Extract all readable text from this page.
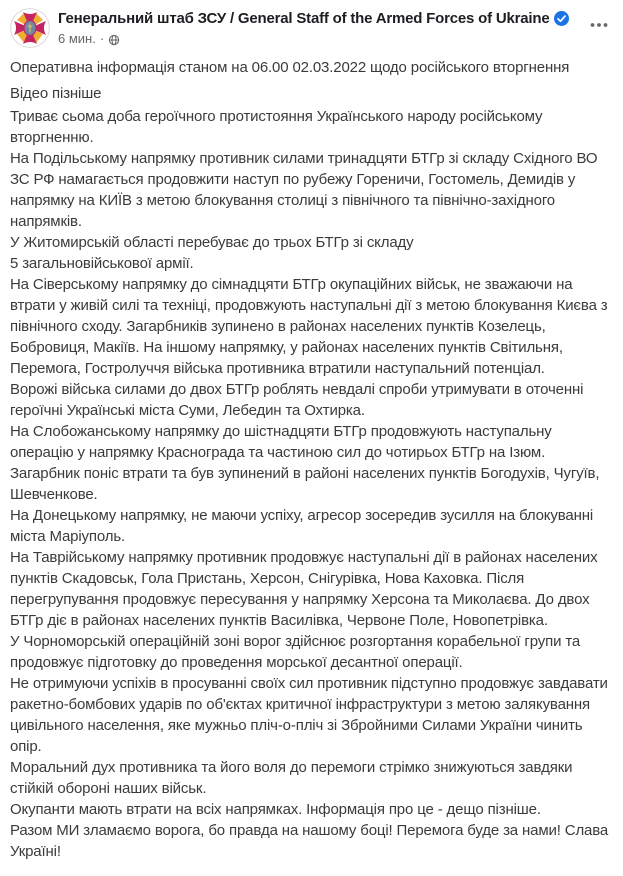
Генеральний штаб ЗСУ / General Staff of the Armed Forces of Ukraine
6 мин. ·
Оперативна інформація станом на 06.00 02.03.2022 щодо російського вторгнення
Відео пізніше
Триває сьома доба героїчного протистояння Українського народу російському вторгненню.
На Подільському напрямку противник силами тринадцяти БТГр зі складу Східного ВО ЗС РФ намагається продовжити наступ по рубежу Гореничи, Гостомель, Демидів у напрямку на КИЇВ з метою блокування столиці з північного та північно-західного напрямків.
У Житомирській області перебуває до трьох БТГр зі складу
5 загальновійськової армії.
На Сіверському напрямку до сімнадцяти БТГр окупаційних військ, не зважаючи на втрати у живій силі та техніці, продовжують наступальні дії з метою блокування Києва з північного сходу. Загарбників зупинено в районах населених пунктів Козелець, Бобровиця, Макіїв. На іншому напрямку, у районах населених пунктів Світильня, Перемога, Гостролуччя війська противника втратили наступальний потенціал.
Ворожі війська силами до двох БТГр роблять невдалі спроби утримувати в оточенні героїчні Українські міста Суми, Лебедин та Охтирка.
На Слобожанському напрямку до шістнадцяти БТГр продовжують наступальну операцію у напрямку Краснограда та частиною сил до чотирьох БТГр на Ізюм. Загарбник поніс втрати та був зупинений в районі населених пунктів Богодухів, Чугуїв, Шевченкове.
На Донецькому напрямку, не маючи успіху, агресор зосередив зусилля на блокуванні міста Маріуполь.
На Таврійському напрямку противник продовжує наступальні дії в районах населених пунктів Скадовськ, Гола Пристань, Херсон, Снігурівка, Нова Каховка. Після перегрупування продовжує пересування у напрямку Херсона та Миколаєва. До двох БТГр діє в районах населених пунктів Василівка, Червоне Поле, Новопетрівка.
У Чорноморській операційній зоні ворог здійснює розгортання корабельної групи та продовжує підготовку до проведення морської десантної операції.
Не отримуючи успіхів в просуванні своїх сил противник підступно продовжує завдавати ракетно-бомбових ударів по об'єктах критичної інфраструктури з метою залякування цивільного населення, яке мужньо пліч-о-пліч зі Збройними Силами України чинить опір.
Моральний дух противника та його воля до перемоги стрімко знижуються завдяки стійкій обороні наших військ.
Окупанти мають втрати на всіх напрямках. Інформація про це - дещо пізніше.
Разом МИ зламаємо ворога, бо правда на нашому боці! Перемога буде за нами! Слава Україні!
